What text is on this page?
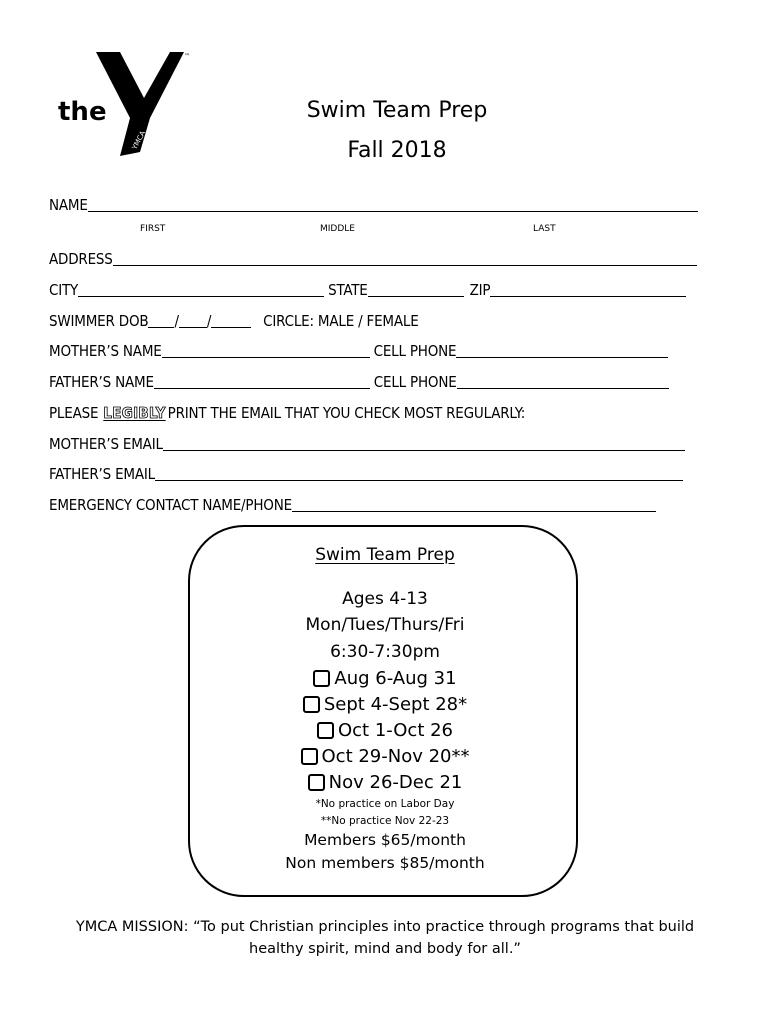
the
™
YMCA
Swim Team Prep
Fall 2018
NAME
FIRST	MIDDLE	LAST
ADDRESS
CITY	STATE	ZIP
SWIMMER DOB / /	CIRCLE: MALE / FEMALE
MOTHER’S NAME	CELL PHONE
FATHER’S NAME	CELL PHONE
PLEASE LEGIBLY PRINT THE EMAIL THAT YOU CHECK MOST REGULARLY:
MOTHER’S EMAIL
FATHER’S EMAIL
EMERGENCY CONTACT NAME/PHONE
Swim Team Prep
Ages 4-13
Mon/Tues/Thurs/Fri
6:30-7:30pm
Aug 6-Aug 31
Sept 4-Sept 28*
Oct 1-Oct 26
Oct 29-Nov 20**
Nov 26-Dec 21
*No practice on Labor Day
**No practice Nov 22-23
Members $65/month
Non members $85/month
YMCA MISSION: “To put Christian principles into practice through programs that build
healthy spirit, mind and body for all.”
